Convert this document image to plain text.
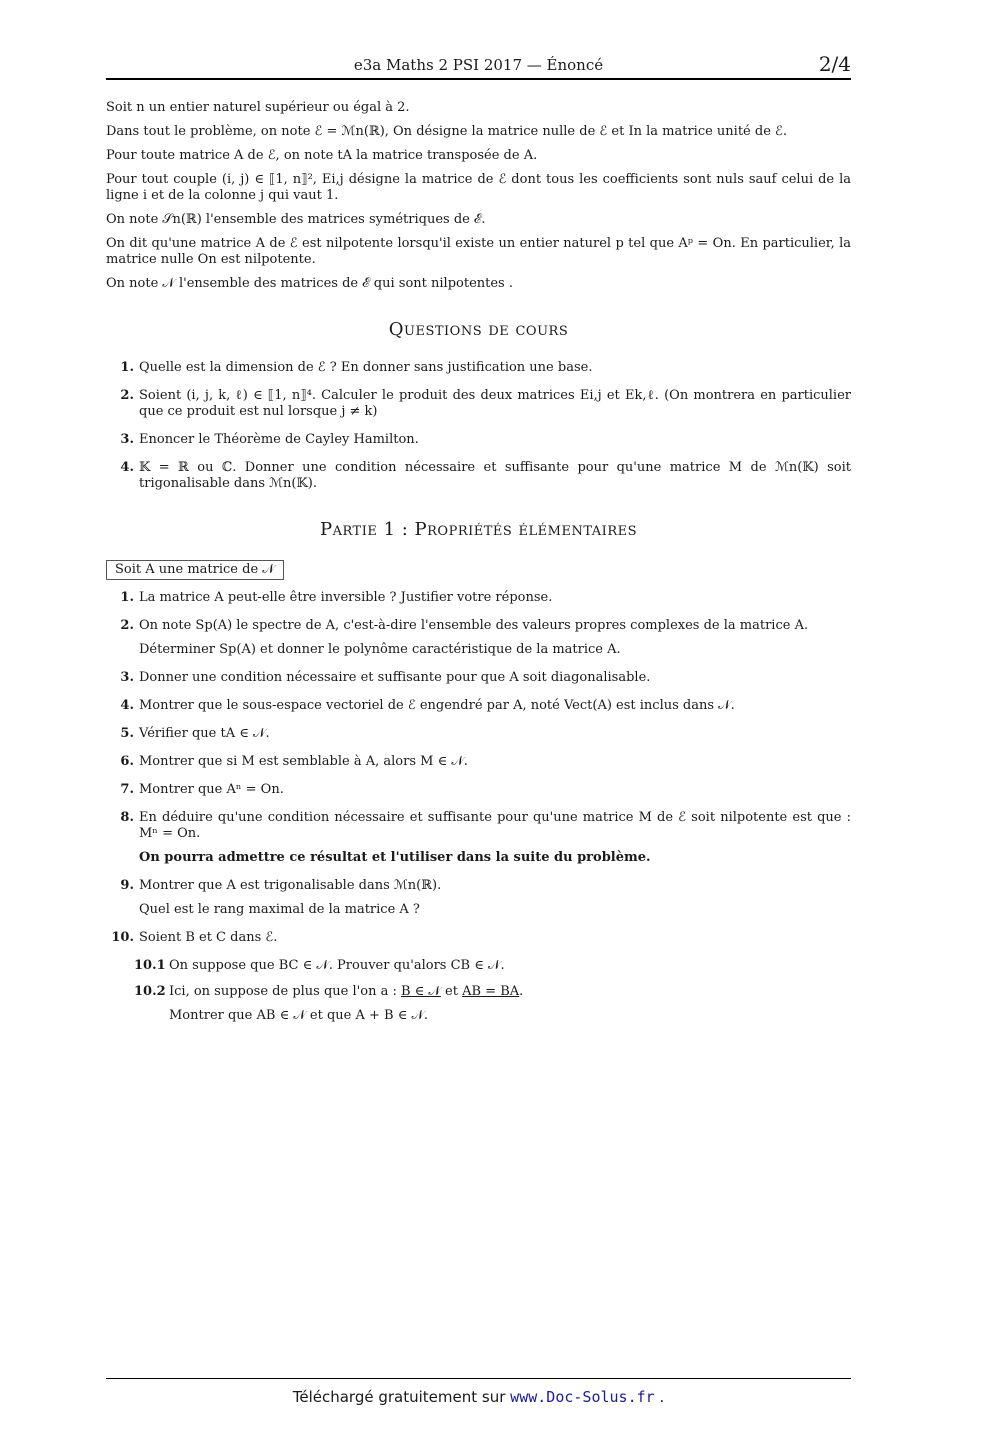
e3a Maths 2 PSI 2017 — Énoncé	2/4

Soit n un entier naturel supérieur ou égal à 2.

Dans tout le problème, on note ℰ = ℳn(ℝ), On désigne la matrice nulle de ℰ et In la matrice unité de ℰ.

Pour toute matrice A de ℰ, on note tA la matrice transposée de A.

Pour tout couple (i, j) ∈ ⟦1, n⟧², Ei,j désigne la matrice de ℰ dont tous les coefficients sont nuls sauf celui de la ligne i et de la colonne j qui vaut 1.

On note 𝒮n(ℝ) l'ensemble des matrices symétriques de ℰ.

On dit qu'une matrice A de ℰ est nilpotente lorsqu'il existe un entier naturel p tel que Aᵖ = On. En particulier, la matrice nulle On est nilpotente.

On note 𝒩 l'ensemble des matrices de ℰ qui sont nilpotentes .

Questions de cours
1. Quelle est la dimension de ℰ ? En donner sans justification une base.
2. Soient (i, j, k, ℓ) ∈ ⟦1, n⟧⁴. Calculer le produit des deux matrices Ei,j et Ek,ℓ. (On montrera en particulier que ce produit est nul lorsque j ≠ k)
3. Enoncer le Théorème de Cayley Hamilton.
4. 𝕂 = ℝ ou ℂ. Donner une condition nécessaire et suffisante pour qu'une matrice M de ℳn(𝕂) soit trigonalisable dans ℳn(𝕂).
Partie 1 : Propriétés élémentaires
Soit A une matrice de 𝒩
1. La matrice A peut-elle être inversible ? Justifier votre réponse.
2. On note Sp(A) le spectre de A, c'est-à-dire l'ensemble des valeurs propres complexes de la matrice A.
Déterminer Sp(A) et donner le polynôme caractéristique de la matrice A.
3. Donner une condition nécessaire et suffisante pour que A soit diagonalisable.
4. Montrer que le sous-espace vectoriel de ℰ engendré par A, noté Vect(A) est inclus dans 𝒩.
5. Vérifier que tA ∈ 𝒩.
6. Montrer que si M est semblable à A, alors M ∈ 𝒩.
7. Montrer que Aⁿ = On.
8. En déduire qu'une condition nécessaire et suffisante pour qu'une matrice M de ℰ soit nilpotente est que : Mⁿ = On.
On pourra admettre ce résultat et l'utiliser dans la suite du problème.
9. Montrer que A est trigonalisable dans ℳn(ℝ).
Quel est le rang maximal de la matrice A ?
10. Soient B et C dans ℰ.
10.1 On suppose que BC ∈ 𝒩. Prouver qu'alors CB ∈ 𝒩.
10.2 Ici, on suppose de plus que l'on a : B ∈ 𝒩 et AB = BA.
Montrer que AB ∈ 𝒩 et que A + B ∈ 𝒩.
Téléchargé gratuitement sur www.Doc-Solus.fr .
